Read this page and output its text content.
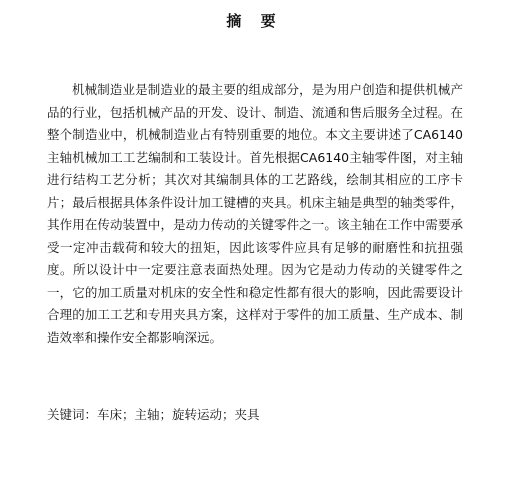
摘 要

机械制造业是制造业的最主要的组成部分，是为用户创造和提供机械产品的行业，包括机械产品的开发、设计、制造、流通和售后服务全过程。在整个制造业中，机械制造业占有特别重要的地位。本文主要讲述了CA6140主轴机械加工工艺编制和工装设计。首先根据CA6140主轴零件图，对主轴进行结构工艺分析；其次对其编制具体的工艺路线，绘制其相应的工序卡片；最后根据具体条件设计加工键槽的夹具。机床主轴是典型的轴类零件，其作用在传动装置中，是动力传动的关键零件之一。该主轴在工作中需要承受一定冲击载荷和较大的扭矩，因此该零件应具有足够的耐磨性和抗扭强度。所以设计中一定要注意表面热处理。因为它是动力传动的关键零件之一，它的加工质量对机床的安全性和稳定性都有很大的影响，因此需要设计合理的加工工艺和专用夹具方案，这样对于零件的加工质量、生产成本、制造效率和操作安全都影响深远。

关键词：车床；主轴；旋转运动；夹具
